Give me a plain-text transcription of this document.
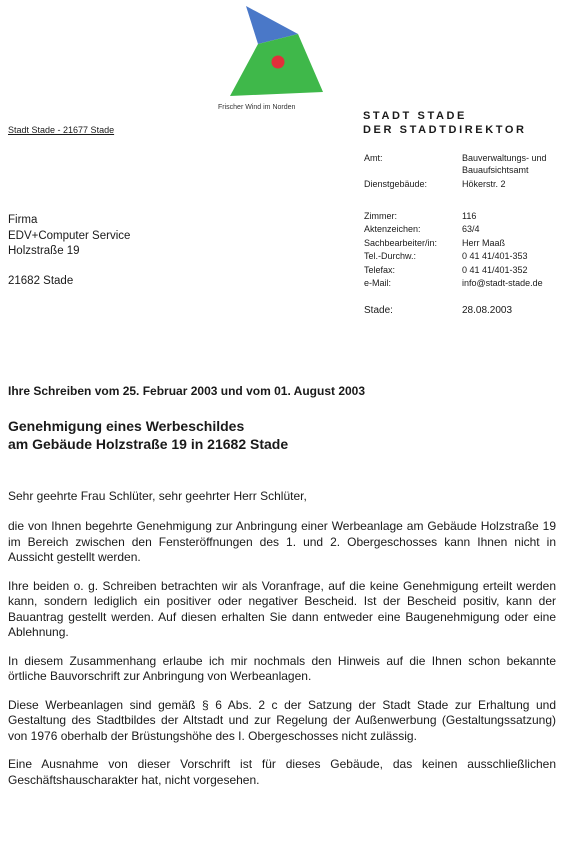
Frischer Wind im Norden
Stadt Stade - 21677 Stade
STADT STADE
DER STADTDIREKTOR
Amt:	Bauverwaltungs- und Bauaufsichtsamt
Dienstgebäude:	Hökerstr. 2
Zimmer:	116
Aktenzeichen:	63/4
Sachbearbeiter/in:	Herr Maaß
Tel.-Durchw.:	0 41 41/401-353
Telefax:	0 41 41/401-352
e-Mail:	info@stadt-stade.de
Stade:	28.08.2003
Firma
EDV+Computer Service
Holzstraße 19
21682 Stade
Ihre Schreiben vom 25. Februar 2003 und vom 01. August 2003
Genehmigung eines Werbeschildes
am Gebäude Holzstraße 19 in 21682 Stade
Sehr geehrte Frau Schlüter, sehr geehrter Herr Schlüter,

die von Ihnen begehrte Genehmigung zur Anbringung einer Werbeanlage am Gebäude Holzstraße 19 im Bereich zwischen den Fensteröffnungen des 1. und 2. Obergeschosses kann Ihnen nicht in Aussicht gestellt werden.

Ihre beiden o. g. Schreiben betrachten wir als Voranfrage, auf die keine Genehmigung erteilt werden kann, sondern lediglich ein positiver oder negativer Bescheid. Ist der Bescheid positiv, kann der Bauantrag gestellt werden. Auf diesen erhalten Sie dann entweder eine Baugenehmigung oder eine Ablehnung.

In diesem Zusammenhang erlaube ich mir nochmals den Hinweis auf die Ihnen schon bekannte örtliche Bauvorschrift zur Anbringung von Werbeanlagen.

Diese Werbeanlagen sind gemäß § 6 Abs. 2 c der Satzung der Stadt Stade zur Erhaltung und Gestaltung des Stadtbildes der Altstadt und zur Regelung der Außenwerbung (Gestaltungssatzung) von 1976 oberhalb der Brüstungshöhe des I. Obergeschosses nicht zulässig.

Eine Ausnahme von dieser Vorschrift ist für dieses Gebäude, das keinen ausschließlichen Geschäftshauscharakter hat, nicht vorgesehen.
